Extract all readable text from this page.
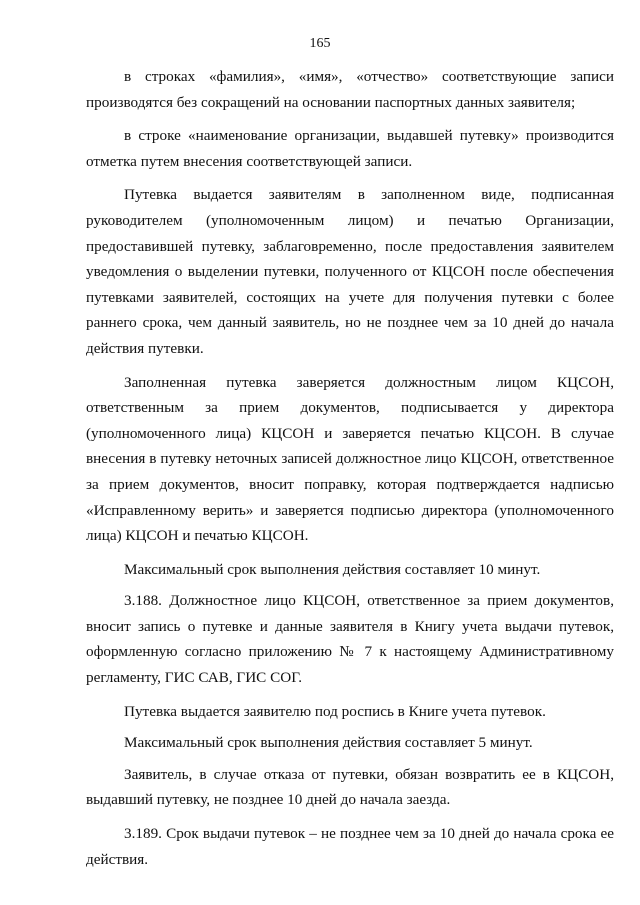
165

в строках «фамилия», «имя», «отчество» соответствующие записи производятся без сокращений на основании паспортных данных заявителя;

в строке «наименование организации, выдавшей путевку» производится отметка путем внесения соответствующей записи.

Путевка выдается заявителям в заполненном виде, подписанная руководителем (уполномоченным лицом) и печатью Организации, предоставившей путевку, заблаговременно, после предоставления заявителем уведомления о выделении путевки, полученного от КЦСОН после обеспечения путевками заявителей, состоящих на учете для получения путевки с более раннего срока, чем данный заявитель, но не позднее чем за 10 дней до начала действия путевки.

Заполненная путевка заверяется должностным лицом КЦСОН, ответственным за прием документов, подписывается у директора (уполномоченного лица) КЦСОН и заверяется печатью КЦСОН. В случае внесения в путевку неточных записей должностное лицо КЦСОН, ответственное за прием документов, вносит поправку, которая подтверждается надписью «Исправленному верить» и заверяется подписью директора (уполномоченного лица) КЦСОН и печатью КЦСОН.

Максимальный срок выполнения действия составляет 10 минут.

3.188. Должностное лицо КЦСОН, ответственное за прием документов, вносит запись о путевке и данные заявителя в Книгу учета выдачи путевок, оформленную согласно приложению № 7 к настоящему Административному регламенту, ГИС САВ, ГИС СОГ.

Путевка выдается заявителю под роспись в Книге учета путевок.

Максимальный срок выполнения действия составляет 5 минут.

Заявитель, в случае отказа от путевки, обязан возвратить ее в КЦСОН, выдавший путевку, не позднее 10 дней до начала заезда.

3.189. Срок выдачи путевок – не позднее чем за 10 дней до начала срока ее действия.
